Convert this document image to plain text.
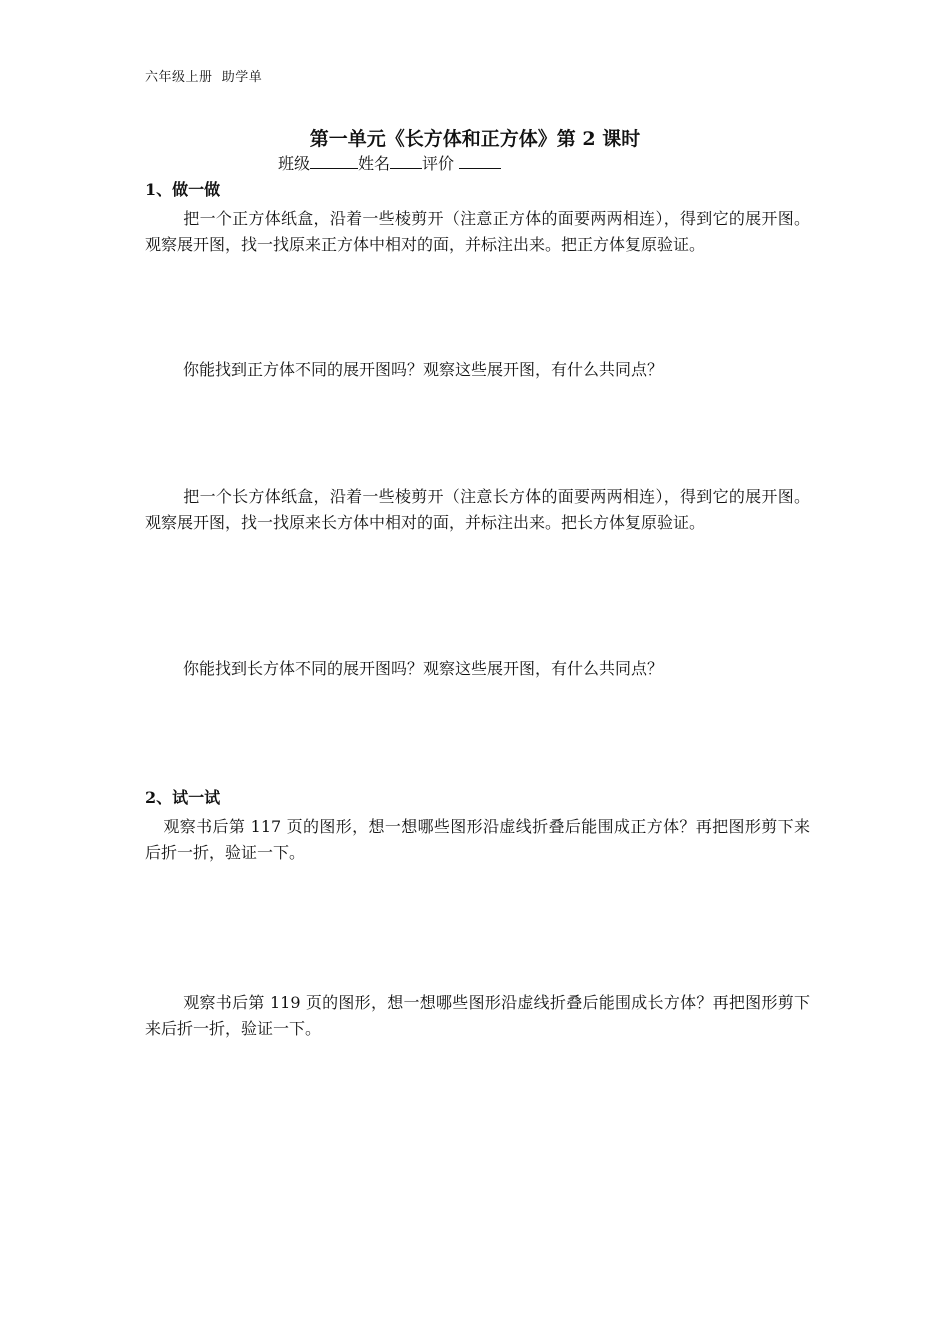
六年级上册  助学单
第一单元《长方体和正方体》第 2 课时
班级	姓名 评价
1、做一做
把一个正方体纸盒，沿着一些棱剪开（注意正方体的面要两两相连），得到它的展开图。观察展开图，找一找原来正方体中相对的面，并标注出来。把正方体复原验证。
你能找到正方体不同的展开图吗？观察这些展开图，有什么共同点？
把一个长方体纸盒，沿着一些棱剪开（注意长方体的面要两两相连），得到它的展开图。观察展开图，找一找原来长方体中相对的面，并标注出来。把长方体复原验证。
你能找到长方体不同的展开图吗？观察这些展开图，有什么共同点？
2、试一试
观察书后第 117 页的图形，想一想哪些图形沿虚线折叠后能围成正方体？再把图形剪下来后折一折，验证一下。
观察书后第 119 页的图形，想一想哪些图形沿虚线折叠后能围成长方体？再把图形剪下来后折一折，验证一下。
